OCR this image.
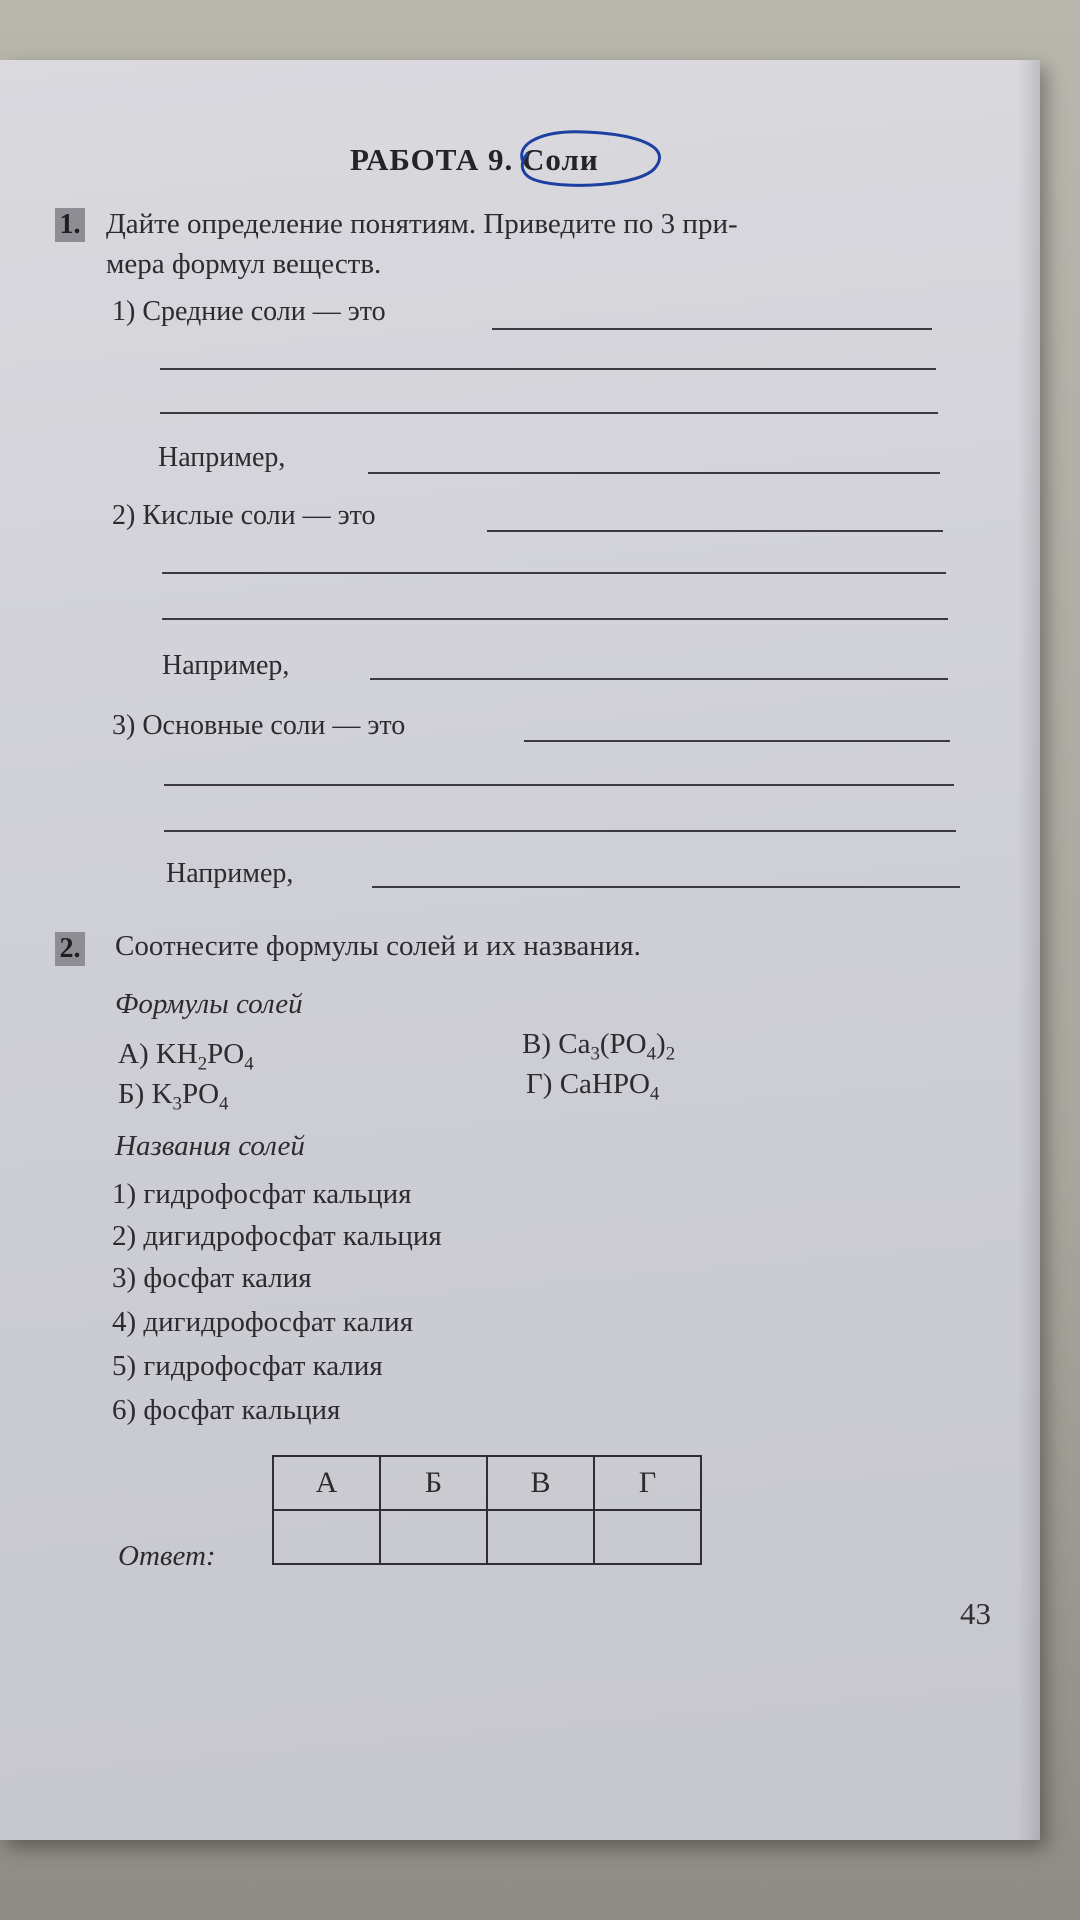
РАБОТА 9. Соли
1. Дайте определение понятиям. Приведите по 3 при-
мера формул веществ.
1) Средние соли — это
Например,
2) Кислые соли — это
Например,
3) Основные соли — это
Например,
2. Соотнесите формулы солей и их названия.
Формулы солей
А) $KH_2PO_4$
Б) $K_3PO_4$
В) $Ca_3(PO_4)_2$
Г) CaHPO$_4$
Названия солей
1) гидрофосфат кальция
2) дигидрофосфат кальция
3) фосфат калия
4) дигидрофосфат калия
5) гидрофосфат калия
6) фосфат кальция
Ответ:
А	Б	В	Г

43
